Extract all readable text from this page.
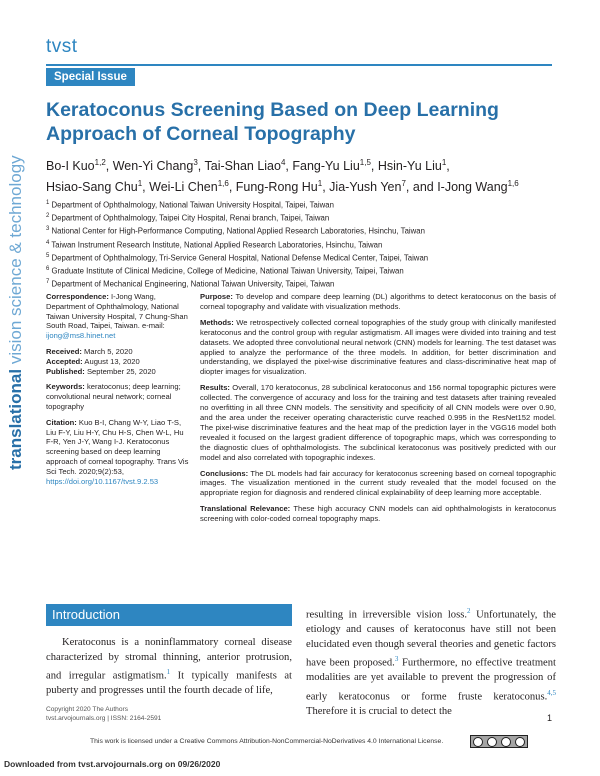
tvst
Special Issue
Keratoconus Screening Based on Deep Learning Approach of Corneal Topography
Bo-I Kuo$^{1,2}$, Wen-Yi Chang$^3$, Tai-Shan Liao$^4$, Fang-Yu Liu$^{1,5}$, Hsin-Yu Liu$^1$,
Hsiao-Sang Chu$^1$, Wei-Li Chen$^{1,6}$, Fung-Rong Hu$^1$, Jia-Yush Yen$^7$, and I-Jong Wang$^{1,6}$
$^1$ Department of Ophthalmology, National Taiwan University Hospital, Taipei, Taiwan
$^2$ Department of Ophthalmology, Taipei City Hospital, Renai branch, Taipei, Taiwan
$^3$ National Center for High-Performance Computing, National Applied Research Laboratories, Hsinchu, Taiwan
$^4$ Taiwan Instrument Research Institute, National Applied Research Laboratories, Hsinchu, Taiwan
$^5$ Department of Ophthalmology, Tri-Service General Hospital, National Defense Medical Center, Taipei, Taiwan
$^6$ Graduate Institute of Clinical Medicine, College of Medicine, National Taiwan University, Taipei, Taiwan
$^7$ Department of Mechanical Engineering, National Taiwan University, Taipei, Taiwan

Correspondence: I-Jong Wang, Department of Ophthalmology, National Taiwan University Hospital, 7 Chung-Shan South Road, Taipei, Taiwan. e-mail: ijong@ms8.hinet.net

Received: March 5, 2020
Accepted: August 13, 2020
Published: September 25, 2020

Keywords: keratoconus; deep learning; convolutional neural network; corneal topography

Citation: Kuo B-I, Chang W-Y, Liao T-S, Liu F-Y, Liu H-Y, Chu H-S, Chen W-L, Hu F-R, Yen J-Y, Wang I-J. Keratoconus screening based on deep learning approach of corneal topography. Trans Vis Sci Tech. 2020;9(2):53, https://doi.org/10.1167/tvst.9.2.53

Purpose: To develop and compare deep learning (DL) algorithms to detect keratoconus on the basis of corneal topography and validate with visualization methods.

Methods: We retrospectively collected corneal topographies of the study group with clinically manifested keratoconus and the control group with regular astigmatism. All images were divided into training and test datasets. We adopted three convolutional neural network (CNN) models for learning. The test dataset was applied to analyze the performance of the three models. In addition, for better discrimination and understanding, we displayed the pixel-wise discriminative features and class-discriminative heat map of diopter images for visualization.

Results: Overall, 170 keratoconus, 28 subclinical keratoconus and 156 normal topographic pictures were collected. The convergence of accuracy and loss for the training and test datasets after training revealed no overfitting in all three CNN models. The sensitivity and specificity of all CNN models were over 0.90, and the area under the receiver operating characteristic curve reached 0.995 in the ResNet152 model. The pixel-wise discriminative features and the heat map of the prediction layer in the VGG16 model both revealed it focused on the largest gradient difference of topographic maps, which was corresponding to the diagnostic clues of ophthalmologists. The subclinical keratoconus was positively predicted with our model and also correlated with topographic indexes.

Conclusions: The DL models had fair accuracy for keratoconus screening based on corneal topographic images. The visualization mentioned in the current study revealed that the model focused on the appropriate region for diagnosis and rendered clinical explainability of deep learning more acceptable.

Translational Relevance: These high accuracy CNN models can aid ophthalmologists in keratoconus screening with color-coded corneal topography maps.

translational vision science & technology
Introduction
Keratoconus is a noninflammatory corneal disease characterized by stromal thinning, anterior protrusion, and irregular astigmatism.$^1$ It typically manifests at puberty and progresses until the fourth decade of life,
resulting in irreversible vision loss.$^2$ Unfortunately, the etiology and causes of keratoconus have still not been elucidated even though several theories and genetic factors have been proposed.$^3$ Furthermore, no effective treatment modalities are yet available to prevent the progression of early keratoconus or forme fruste keratoconus.$^{4,5}$ Therefore it is crucial to detect the
Copyright 2020 The Authors
tvst.arvojournals.org | ISSN: 2164-2591	1
This work is licensed under a Creative Commons Attribution-NonCommercial-NoDerivatives 4.0 International License.
Downloaded from tvst.arvojournals.org on 09/26/2020
